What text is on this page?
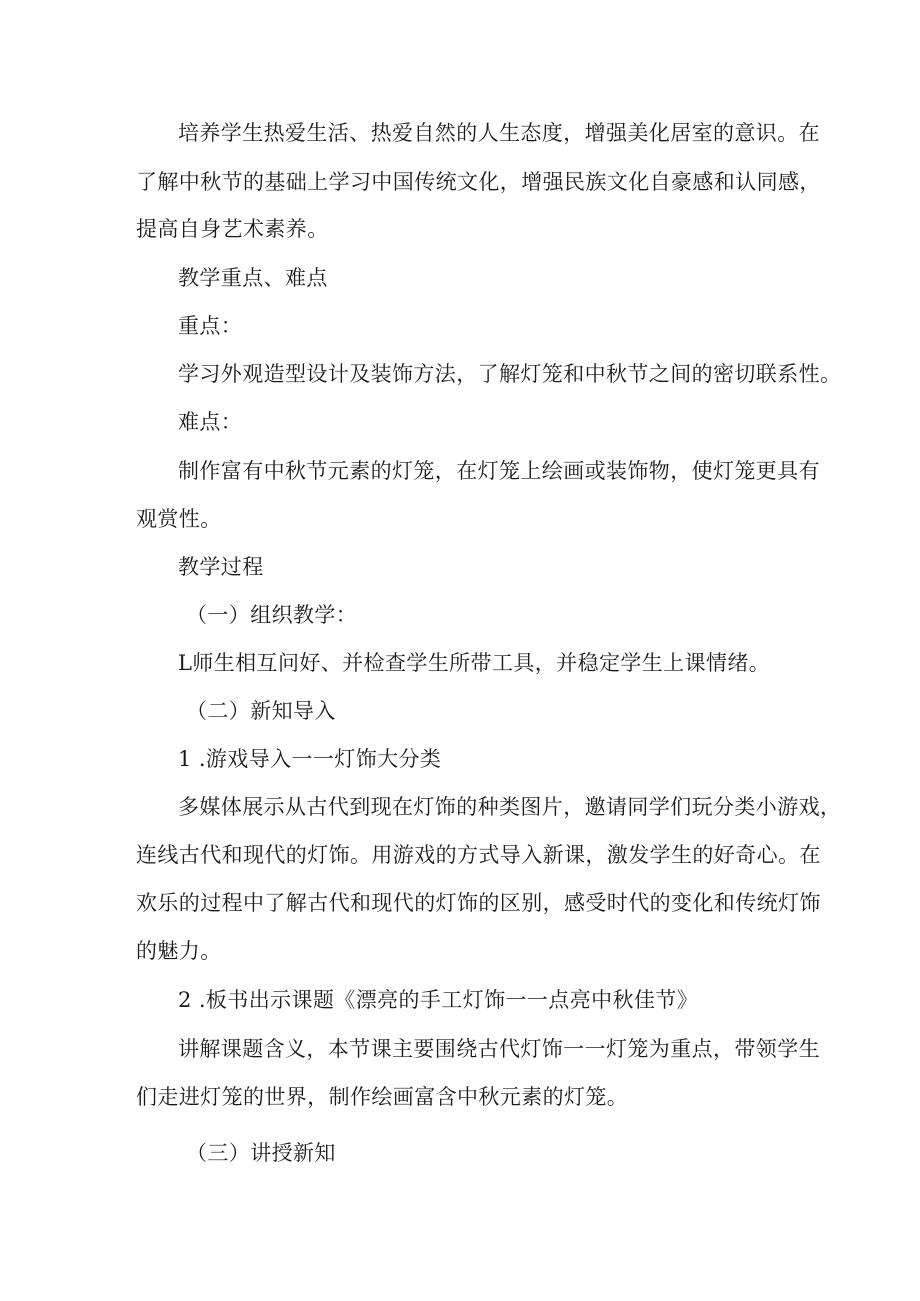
培养学生热爱生活、热爱自然的人生态度，增强美化居室的意识。在
了解中秋节的基础上学习中国传统文化，增强民族文化自豪感和认同感，
提高自身艺术素养。
教学重点、难点
重点：
学习外观造型设计及装饰方法，了解灯笼和中秋节之间的密切联系性。
难点：
制作富有中秋节元素的灯笼，在灯笼上绘画或装饰物，使灯笼更具有
观赏性。
教学过程
（一）组织教学：
L师生相互问好、并检查学生所带工具，并稳定学生上课情绪。
（二）新知导入
1 .游戏导入一一灯饰大分类
多媒体展示从古代到现在灯饰的种类图片，邀请同学们玩分类小游戏，
连线古代和现代的灯饰。用游戏的方式导入新课，激发学生的好奇心。在
欢乐的过程中了解古代和现代的灯饰的区别，感受时代的变化和传统灯饰
的魅力。
2 .板书出示课题《漂亮的手工灯饰一一点亮中秋佳节》
讲解课题含义，本节课主要围绕古代灯饰一一灯笼为重点，带领学生
们走进灯笼的世界，制作绘画富含中秋元素的灯笼。
（三）讲授新知
